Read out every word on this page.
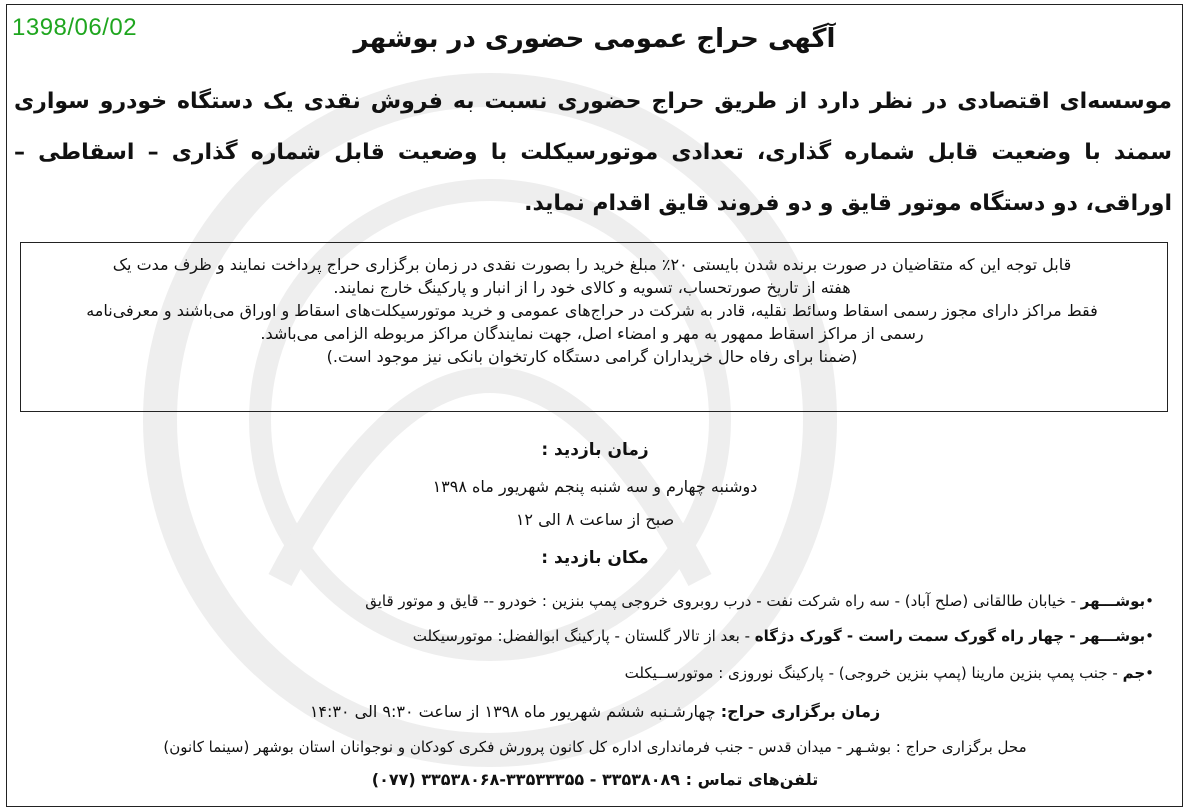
1398/06/02	آگهی حراج عمومی حضوری در بوشهر
موسسه‌ای اقتصادی در نظر دارد از طریق حراج حضوری نسبت به فروش نقدی یک دستگاه خودرو سواری سمند با وضعیت قابل شماره گذاری، تعدادی موتورسیکلت با وضعیت قابل شماره گذاری – اسقاطی – اوراقی، دو دستگاه موتور قایق و دو فروند قایق اقدام نماید.

قابل توجه این که متقاضیان در صورت برنده شدن بایستی ۲۰٪ مبلغ خرید را بصورت نقدی در زمان برگزاری حراج پرداخت نمایند و ظرف مدت یک

هفته از تاریخ صورتحساب، تسویه و کالای خود را از انبار و پارکینگ خارج نمایند.

فقط مراکز دارای مجوز رسمی اسقاط وسائط نقلیه، قادر به شرکت در حراج‌های عمومی و خرید موتورسیکلت‌های اسقاط و اوراق می‌باشند و معرفی‌نامه

رسمی از مراکز اسقاط ممهور به مهر و امضاء اصل، جهت نمایندگان مراکز مربوطه الزامی می‌باشد.

(ضمنا برای رفاه حال خریداران گرامی دستگاه کارتخوان بانکی نیز موجود است.)

زمان بازدید :
دوشنبه چهارم و سه شنبه پنجم شهریور ماه ۱۳۹۸
صبح از ساعت ۸ الی ۱۲
مکان بازدید :
•بوشـــهر - خیابان طالقانی (صلح آباد) - سه راه شرکت نفت - درب روبروی خروجی پمپ بنزین : خودرو -- قایق و موتور قایق
•بوشـــهر - چهار راه گورک سمت راست - گورک دژگاه - بعد از تالار گلستان - پارکینگ ابوالفضل: موتورسیکلت
•جم - جنب پمپ بنزین مارینا (پمپ بنزین خروجی) - پارکینگ نوروزی : موتورســیکلت
زمان برگزاری حراج: چهارشـنبه ششم شهریور ماه ۱۳۹۸ از ساعت ۹:۳۰ الی ۱۴:۳۰
محل برگزاری حراج : بوشـهر - میدان قدس - جنب فرمانداری اداره کل کانون پرورش فکری کودکان و نوجوانان استان بوشهر (سینما کانون)
تلفن‌های تماس : ۳۳۵۳۸۰۸۹ - ۳۳۵۳۳۳۵۵-۳۳۵۳۸۰۶۸ (۰۷۷)
